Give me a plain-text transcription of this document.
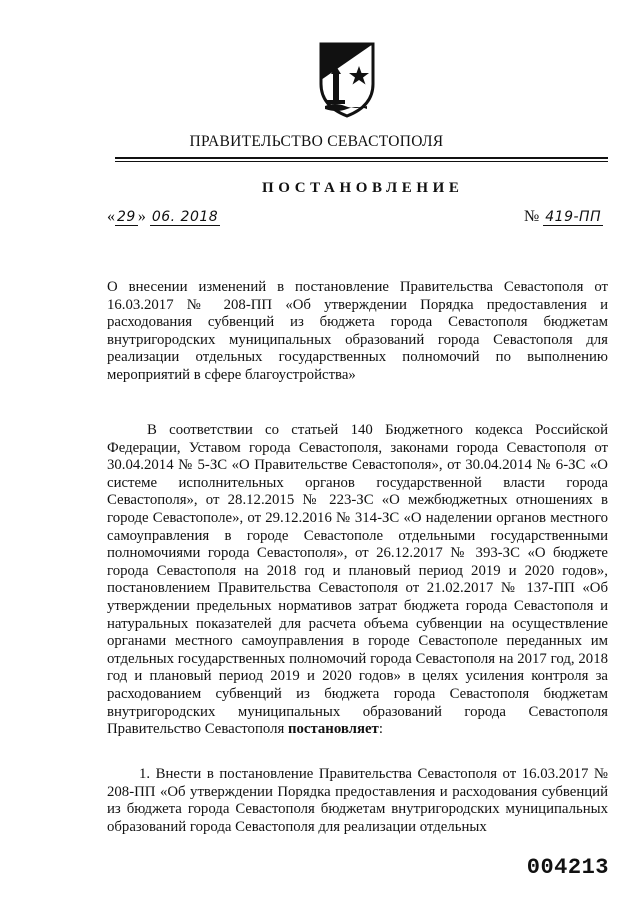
ПРАВИТЕЛЬСТВО СЕВАСТОПОЛЯ
ПОСТАНОВЛЕНИЕ
« 29 » 06. 2018	№ 419-ПП
О внесении изменений в постановление Правительства Севастополя от 16.03.2017 № 208-ПП «Об утверждении Порядка предоставления и расходования субвенций из бюджета города Севастополя бюджетам внутригородских муниципальных образований города Севастополя для реализации отдельных государственных полномочий по выполнению мероприятий в сфере благоустройства»
В соответствии со статьей 140 Бюджетного кодекса Российской Федерации, Уставом города Севастополя, законами города Севастополя от 30.04.2014 № 5-ЗС «О Правительстве Севастополя», от 30.04.2014 № 6-ЗС «О системе исполнительных органов государственной власти города Севастополя», от 28.12.2015 № 223-ЗС «О межбюджетных отношениях в городе Севастополе», от 29.12.2016 № 314-ЗС «О наделении органов местного самоуправления в городе Севастополе отдельными государственными полномочиями города Севастополя», от 26.12.2017 № 393-ЗС «О бюджете города Севастополя на 2018 год и плановый период 2019 и 2020 годов», постановлением Правительства Севастополя от 21.02.2017 № 137-ПП «Об утверждении предельных нормативов затрат бюджета города Севастополя и натуральных показателей для расчета объема субвенции на осуществление органами местного самоуправления в городе Севастополе переданных им отдельных государственных полномочий города Севастополя на 2017 год, 2018 год и плановый период 2019 и 2020 годов» в целях усиления контроля за расходованием субвенций из бюджета города Севастополя бюджетам внутригородских муниципальных образований города Севастополя Правительство Севастополя постановляет:
1. Внести в постановление Правительства Севастополя от 16.03.2017 № 208-ПП «Об утверждении Порядка предоставления и расходования субвенций из бюджета города Севастополя бюджетам внутригородских муниципальных образований города Севастополя для реализации отдельных
004213
